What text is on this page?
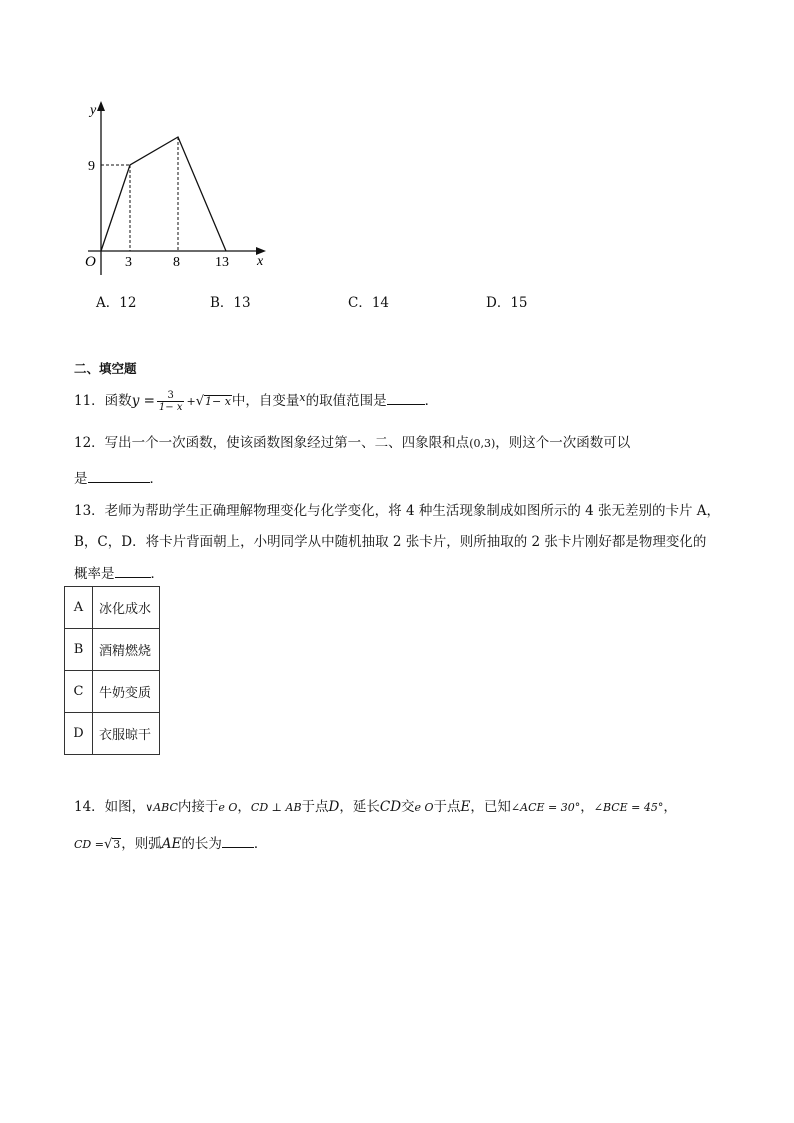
y
x
O
9
3	8	13
A．12	B．13	C．14	D．15
二、填空题
11．函数$y = \frac{3}{1- x} +√1- x$中，自变量$^x$的取值范围是	．
12．写出一个一次函数，使该函数图象经过第一、二、四象限和点(0,3)，则这个一次函数可以
是	．
13．老师为帮助学生正确理解物理变化与化学变化，将 4 种生活现象制成如图所示的 4 张无差别的卡片 A，
B，C，D．将卡片背面朝上，小明同学从中随机抽取 2 张卡片，则所抽取的 2 张卡片刚好都是物理变化的
概率是	．
A	冰化成水
B	酒精燃烧
C	牛奶变质
D	衣服晾干
14．如图，∨ABC内接于e O，CD ⊥ AB于点D，延长CD交e O于点E，已知∠ACE = 30°，∠BCE = 45°，
CD =√3，则弧AE的长为 ．
